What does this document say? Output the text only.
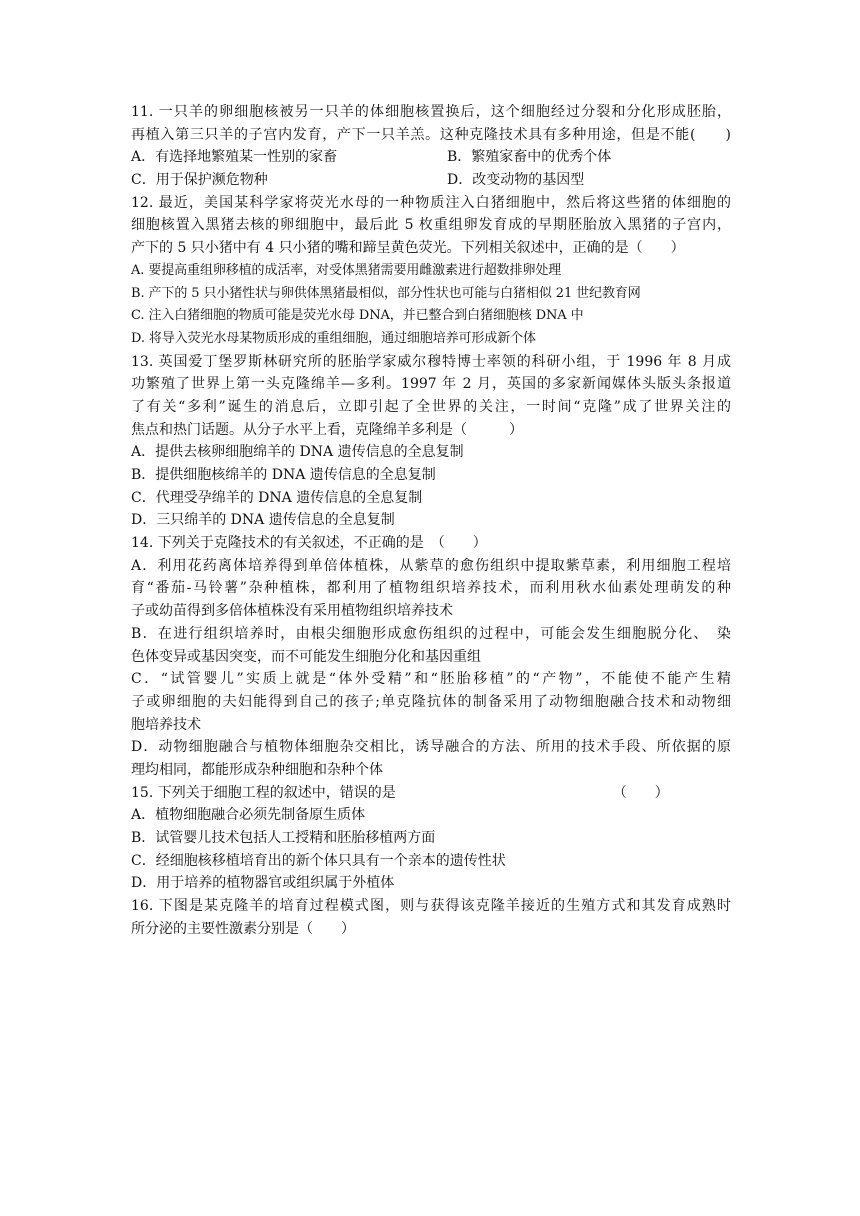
11. 一只羊的卵细胞核被另一只羊的体细胞核置换后，这个细胞经过分裂和分化形成胚胎，
再植入第三只羊的子宫内发育，产下一只羊羔。这种克隆技术具有多种用途，但是不能(　　)
A．有选择地繁殖某一性别的家畜	B．繁殖家畜中的优秀个体
C．用于保护濒危物种	D．改变动物的基因型
12. 最近，美国某科学家将荧光水母的一种物质注入白猪细胞中，然后将这些猪的体细胞的
细胞核置入黑猪去核的卵细胞中，最后此 5 枚重组卵发育成的早期胚胎放入黑猪的子宫内，
产下的 5 只小猪中有 4 只小猪的嘴和蹄呈黄色荧光。下列相关叙述中，正确的是（　　）
A. 要提高重组卵移植的成活率，对受体黑猪需要用雌激素进行超数排卵处理
B. 产下的 5 只小猪性状与卵供体黑猪最相似，部分性状也可能与白猪相似 21 世纪教育网
C. 注入白猪细胞的物质可能是荧光水母 DNA，并已整合到白猪细胞核 DNA 中
D. 将导入荧光水母某物质形成的重组细胞，通过细胞培养可形成新个体
13. 英国爱丁堡罗斯林研究所的胚胎学家威尔穆特博士率领的科研小组，于 1996 年 8 月成
功繁殖了世界上第一头克隆绵羊—多利。1997 年 2 月，英国的多家新闻媒体头版头条报道
了有关“多利”诞生的消息后，立即引起了全世界的关注，一时间“克隆”成了世界关注的
焦点和热门话题。从分子水平上看，克隆绵羊多利是（　　　）
A．提供去核卵细胞绵羊的 DNA 遗传信息的全息复制
B．提供细胞核绵羊的 DNA 遗传信息的全息复制
C．代理受孕绵羊的 DNA 遗传信息的全息复制
D．三只绵羊的 DNA 遗传信息的全息复制
14. 下列关于克隆技术的有关叙述，不正确的是　（　　）
A．利用花药离体培养得到单倍体植株，从紫草的愈伤组织中提取紫草素，利用细胞工程培
育“番茄-马铃薯”杂种植株，都利用了植物组织培养技术，而利用秋水仙素处理萌发的种
子或幼苗得到多倍体植株没有采用植物组织培养技术
B．在进行组织培养时，由根尖细胞形成愈伤组织的过程中，可能会发生细胞脱分化、　染
色体变异或基因突变，而不可能发生细胞分化和基因重组
C．“试管婴儿”实质上就是“体外受精”和“胚胎移植”的“产物”，不能使不能产生精
子或卵细胞的夫妇能得到自己的孩子;单克隆抗体的制备采用了动物细胞融合技术和动物细
胞培养技术
D．动物细胞融合与植物体细胞杂交相比，诱导融合的方法、所用的技术手段、所依据的原
理均相同，都能形成杂种细胞和杂种个体
15. 下列关于细胞工程的叙述中，错误的是　　　　　　　　　　　　　　　　（　　）
A．植物细胞融合必须先制备原生质体
B．试管婴儿技术包括人工授精和胚胎移植两方面
C．经细胞核移植培育出的新个体只具有一个亲本的遗传性状
D．用于培养的植物器官或组织属于外植体
16. 下图是某克隆羊的培育过程模式图，则与获得该克隆羊接近的生殖方式和其发育成熟时
所分泌的主要性激素分别是（　　）
